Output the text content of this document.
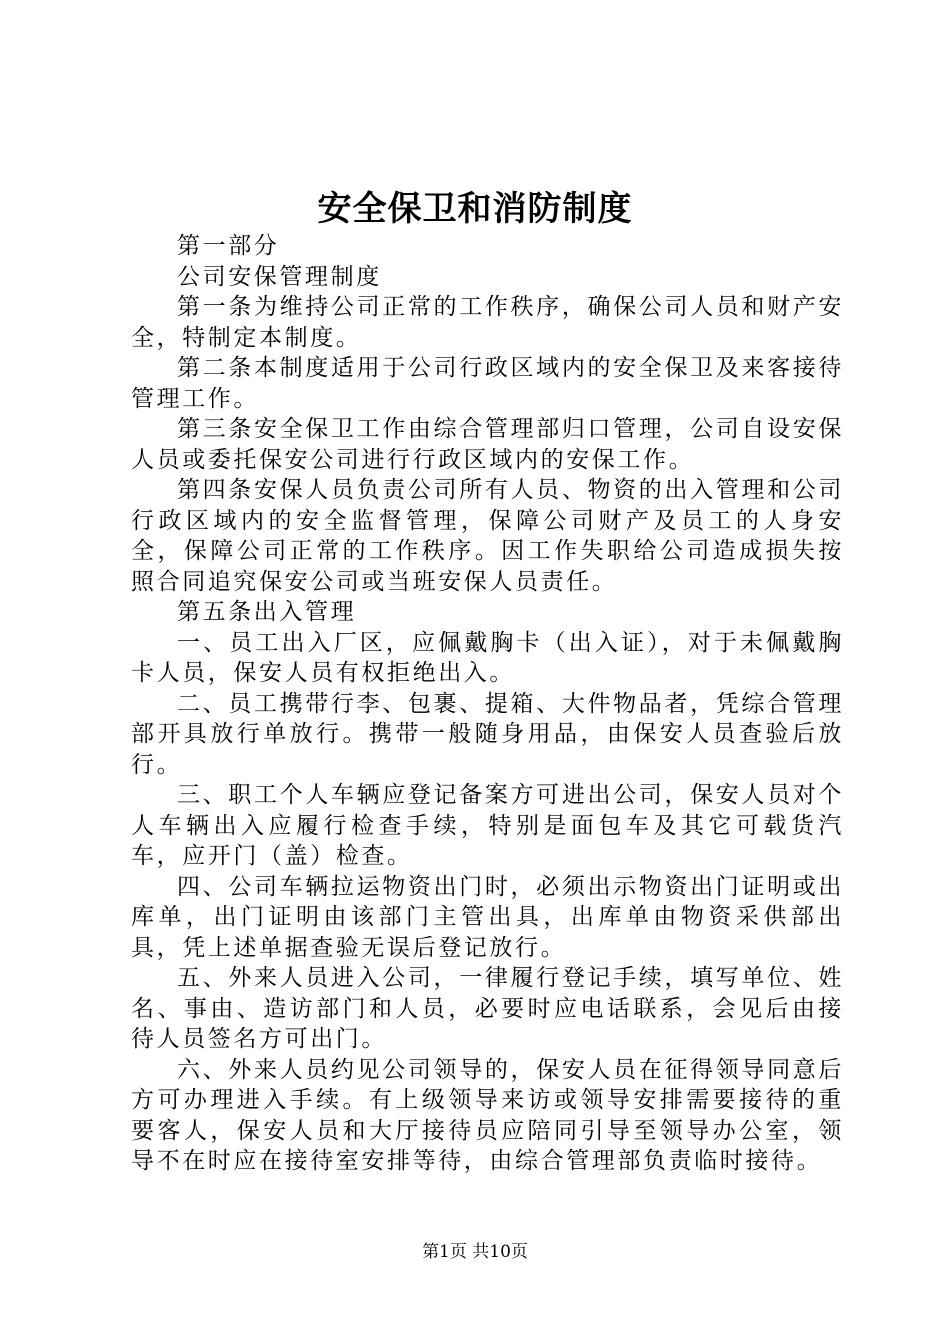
安全保卫和消防制度

第一部分

公司安保管理制度

第一条为维持公司正常的工作秩序，确保公司人员和财产安全，特制定本制度。

第二条本制度适用于公司行政区域内的安全保卫及来客接待管理工作。

第三条安全保卫工作由综合管理部归口管理，公司自设安保人员或委托保安公司进行行政区域内的安保工作。

第四条安保人员负责公司所有人员、物资的出入管理和公司行政区域内的安全监督管理，保障公司财产及员工的人身安全，保障公司正常的工作秩序。因工作失职给公司造成损失按照合同追究保安公司或当班安保人员责任。

第五条出入管理

一、员工出入厂区，应佩戴胸卡（出入证），对于未佩戴胸卡人员，保安人员有权拒绝出入。

二、员工携带行李、包裹、提箱、大件物品者，凭综合管理部开具放行单放行。携带一般随身用品，由保安人员查验后放行。

三、职工个人车辆应登记备案方可进出公司，保安人员对个人车辆出入应履行检查手续，特别是面包车及其它可载货汽车，应开门（盖）检查。

四、公司车辆拉运物资出门时，必须出示物资出门证明或出库单，出门证明由该部门主管出具，出库单由物资采供部出具，凭上述单据查验无误后登记放行。

五、外来人员进入公司，一律履行登记手续，填写单位、姓名、事由、造访部门和人员，必要时应电话联系，会见后由接待人员签名方可出门。

六、外来人员约见公司领导的，保安人员在征得领导同意后方可办理进入手续。有上级领导来访或领导安排需要接待的重要客人，保安人员和大厅接待员应陪同引导至领导办公室，领导不在时应在接待室安排等待，由综合管理部负责临时接待。

第1页 共10页
